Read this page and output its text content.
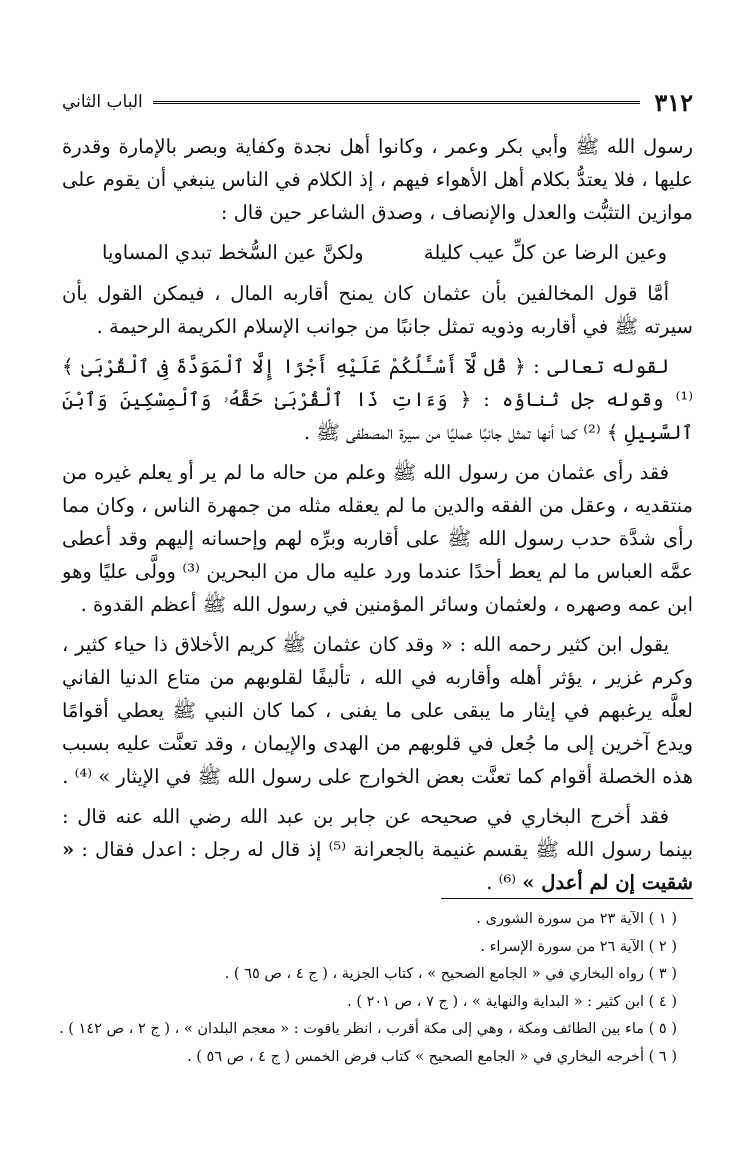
٣١٢
الباب الثاني

رسول الله ﷺ وأبي بكر وعمر ، وكانوا أهل نجدة وكفاية وبصر بالإمارة وقدرة عليها ، فلا يعتدُّ بكلام أهل الأهواء فيهم ، إذ الكلام في الناس ينبغي أن يقوم على موازين التثبُّت والعدل والإنصاف ، وصدق الشاعر حين قال :

وعين الرضا عن كلِّ عيب كليلة
ولكنَّ عين السُّخط تبدي المساويا

أمَّا قول المخالفين بأن عثمان كان يمنح أقاربه المال ، فيمكن القول بأن سيرته ﷺ في أقاربه وذويه تمثل جانبًا من جوانب الإسلام الكريمة الرحيمة .

لقوله تعالى : ﴿ قُل لَّآ أَسْـَٔلُكُمْ عَلَيْهِ أَجْرًا إِلَّا ٱلْمَوَدَّةَ فِى ٱلْقُرْبَىٰ ﴾ ⁽¹⁾ وقوله جل ثناؤه : ﴿ وَءَاتِ ذَا ٱلْقُرْبَىٰ حَقَّهُۥ وَٱلْمِسْكِينَ وَٱبْنَ ٱلسَّبِيلِ ﴾ ⁽²⁾ كما أنها تمثل جانبًا عمليًا من سيرة المصطفى ﷺ .

فقد رأى عثمان من رسول الله ﷺ وعلم من حاله ما لم ير أو يعلم غيره من منتقديه ، وعقل من الفقه والدين ما لم يعقله مثله من جمهرة الناس ، وكان مما رأى شدَّة حدب رسول الله ﷺ على أقاربه وبرِّه لهم وإحسانه إليهم وقد أعطى عمَّه العباس ما لم يعط أحدًا عندما ورد عليه مال من البحرين ⁽³⁾ وولَّى عليًا وهو ابن عمه وصهره ، ولعثمان وسائر المؤمنين في رسول الله ﷺ أعظم القدوة .

يقول ابن كثير رحمه الله : « وقد كان عثمان ﷺ كريم الأخلاق ذا حياء كثير ، وكرم غزير ، يؤثر أهله وأقاربه في الله ، تأليفًا لقلوبهم من متاع الدنيا الفاني لعلَّه يرغبهم في إيثار ما يبقى على ما يفنى ، كما كان النبي ﷺ يعطي أقوامًا ويدع آخرين إلى ما جُعل في قلوبهم من الهدى والإيمان ، وقد تعنَّت عليه بسبب هذه الخصلة أقوام كما تعنَّت بعض الخوارج على رسول الله ﷺ في الإيثار » ⁽⁴⁾ .

فقد أخرج البخاري في صحيحه عن جابر بن عبد الله رضي الله عنه قال : بينما رسول الله ﷺ يقسم غنيمة بالجعرانة ⁽⁵⁾ إذ قال له رجل : اعدل فقال : « شقيت إن لم أعدل » ⁽⁶⁾ .

( ١ ) الآية ٢٣ من سورة الشورى .

( ٢ ) الآية ٢٦ من سورة الإسراء .

( ٣ ) رواه البخاري في « الجامع الصحيح » ، كتاب الجزية ، ( ج ٤ ، ص ٦٥ ) .

( ٤ ) ابن كثير : « البداية والنهاية » ، ( ج ٧ ، ص ٢٠١ ) .

( ٥ ) ماء بين الطائف ومكة ، وهي إلى مكة أقرب ، انظر ياقوت : « معجم البلدان » ، ( ج ٢ ، ص ١٤٢ ) .

( ٦ ) أخرجه البخاري في « الجامع الصحيح » كتاب فرض الخمس ( ج ٤ ، ص ٥٦ ) .
